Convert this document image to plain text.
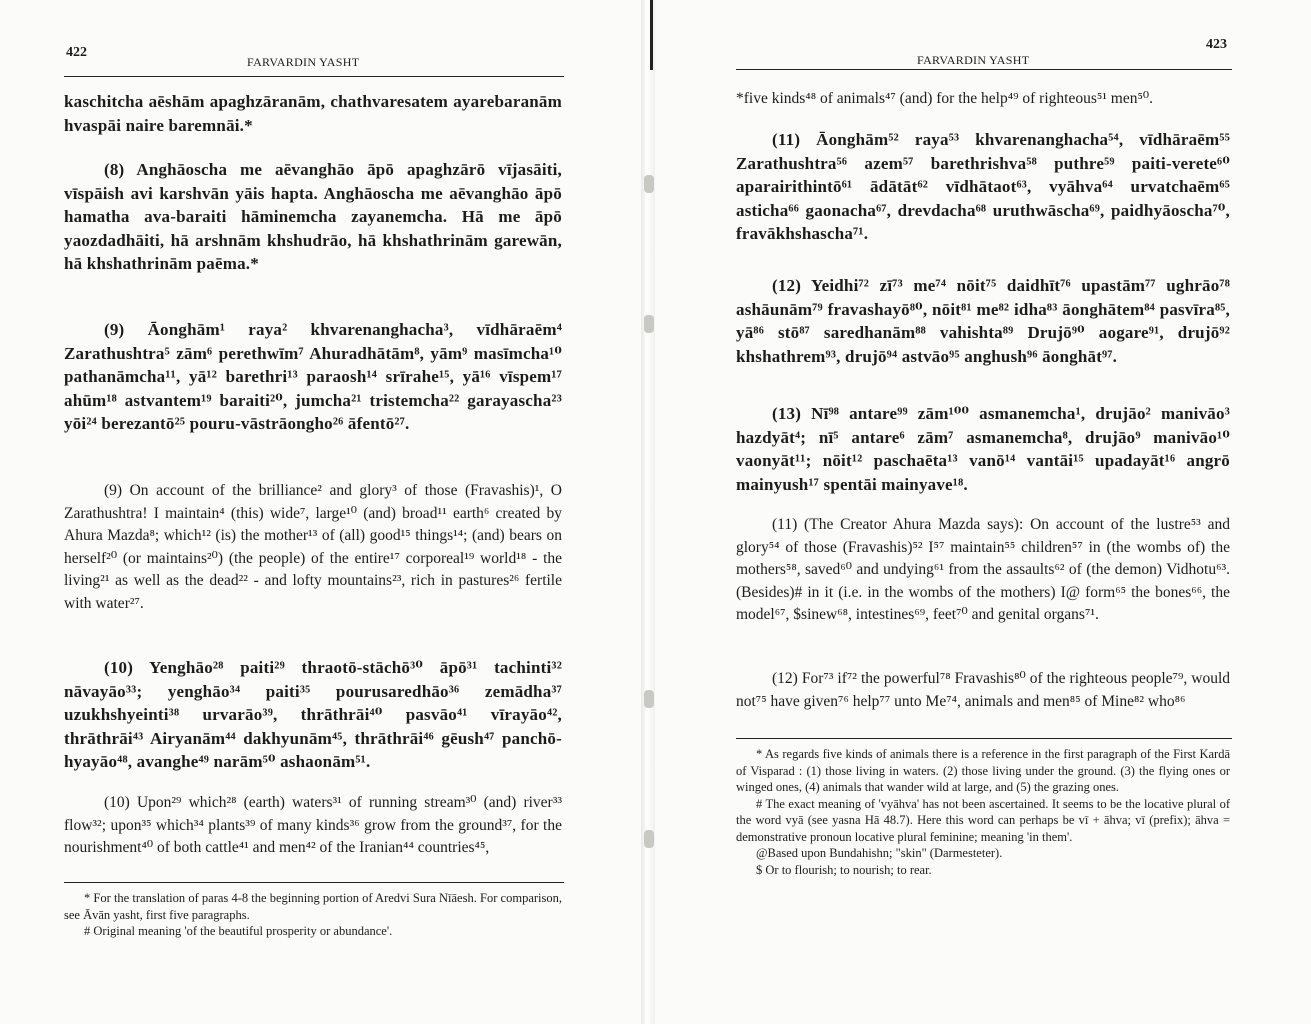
422
FARVARDIN YASHT

kaschitcha aēshām apaghzāranām, chathvaresatem ayarebaranām hvaspāi naire baremnāi.*

(8) Anghāoscha me aēvanghāo āpō apaghzārō vījasāiti, vīspāish avi karshvān yāis hapta. Anghāoscha me aēvanghāo āpō hamatha ava-baraiti hāminemcha zayanemcha. Hā me āpō yaozdadhāiti, hā arshnām khshudrāo, hā khshathrinām garewān, hā khshathrinām paēma.*

(9) Āonghām¹ raya² khvarenanghacha³, vīdhāraēm⁴ Zarathushtra⁵ zām⁶ perethwīm⁷ Ahuradhātām⁸, yām⁹ masīmcha¹⁰ pathanāmcha¹¹, yā¹² barethri¹³ paraosh¹⁴ srīrahe¹⁵, yā¹⁶ vīspem¹⁷ ahūm¹⁸ astvantem¹⁹ baraiti²⁰, jumcha²¹ tristemcha²² garayascha²³ yōi²⁴ berezantō²⁵ pouru-vāstrāongho²⁶ āfentō²⁷.

(9) On account of the brilliance² and glory³ of those (Fravashis)¹, O Zarathushtra! I maintain⁴ (this) wide⁷, large¹⁰ (and) broad¹¹ earth⁶ created by Ahura Mazda⁸; which¹² (is) the mother¹³ of (all) good¹⁵ things¹⁴; (and) bears on herself²⁰ (or maintains²⁰) (the people) of the entire¹⁷ corporeal¹⁹ world¹⁸ - the living²¹ as well as the dead²² - and lofty mountains²³, rich in pastures²⁶ fertile with water²⁷.

(10) Yenghāo²⁸ paiti²⁹ thraotō-stāchō³⁰ āpō³¹ tachinti³² nāvayāo³³; yenghāo³⁴ paiti³⁵ pourusaredhāo³⁶ zemādha³⁷ uzukhshyeinti³⁸ urvarāo³⁹, thrāthrāi⁴⁰ pasvāo⁴¹ vīrayāo⁴², thrāthrāi⁴³ Airyanām⁴⁴ dakhyunām⁴⁵, thrāthrāi⁴⁶ gēush⁴⁷ panchō-hyayāo⁴⁸, avanghe⁴⁹ narām⁵⁰ ashaonām⁵¹.

(10) Upon²⁹ which²⁸ (earth) waters³¹ of running stream³⁰ (and) river³³ flow³²; upon³⁵ which³⁴ plants³⁹ of many kinds³⁶ grow from the ground³⁷, for the nourishment⁴⁰ of both cattle⁴¹ and men⁴² of the Iranian⁴⁴ countries⁴⁵,

* For the translation of paras 4-8 the beginning portion of Aredvi Sura Nīāesh. For comparison, see Āvān yasht, first five paragraphs.

# Original meaning 'of the beautiful prosperity or abundance'.

423
FARVARDIN YASHT

*five kinds⁴⁸ of animals⁴⁷ (and) for the help⁴⁹ of righteous⁵¹ men⁵⁰.

(11) Āonghām⁵² raya⁵³ khvarenanghacha⁵⁴, vīdhāraēm⁵⁵ Zarathushtra⁵⁶ azem⁵⁷ barethrishva⁵⁸ puthre⁵⁹ paiti-verete⁶⁰ aparairithintō⁶¹ ādātāt⁶² vīdhātaot⁶³, vyāhva⁶⁴ urvatchaēm⁶⁵ asticha⁶⁶ gaonacha⁶⁷, drevdacha⁶⁸ uruthwāscha⁶⁹, paidhyāoscha⁷⁰, fravākhshascha⁷¹.

(12) Yeidhi⁷² zī⁷³ me⁷⁴ nōit⁷⁵ daidhīt⁷⁶ upastām⁷⁷ ughrāo⁷⁸ ashāunām⁷⁹ fravashayō⁸⁰, nōit⁸¹ me⁸² idha⁸³ āonghātem⁸⁴ pasvīra⁸⁵, yā⁸⁶ stō⁸⁷ saredhanām⁸⁸ vahishta⁸⁹ Drujō⁹⁰ aogare⁹¹, drujō⁹² khshathrem⁹³, drujō⁹⁴ astvāo⁹⁵ anghush⁹⁶ āonghāt⁹⁷.

(13) Nī⁹⁸ antare⁹⁹ zām¹⁰⁰ asmanemcha¹, drujāo² manivāo³ hazdyāt⁴; nī⁵ antare⁶ zām⁷ asmanemcha⁸, drujāo⁹ manivāo¹⁰ vaonyāt¹¹; nōit¹² paschaēta¹³ vanō¹⁴ vantāi¹⁵ upadayāt¹⁶ angrō mainyush¹⁷ spentāi mainyave¹⁸.

(11) (The Creator Ahura Mazda says): On account of the lustre⁵³ and glory⁵⁴ of those (Fravashis)⁵² I⁵⁷ maintain⁵⁵ children⁵⁷ in (the wombs of) the mothers⁵⁸, saved⁶⁰ and undying⁶¹ from the assaults⁶² of (the demon) Vidhotu⁶³. (Besides)# in it (i.e. in the wombs of the mothers) I@ form⁶⁵ the bones⁶⁶, the model⁶⁷, $sinew⁶⁸, intestines⁶⁹, feet⁷⁰ and genital organs⁷¹.

(12) For⁷³ if⁷² the powerful⁷⁸ Fravashis⁸⁰ of the righteous people⁷⁹, would not⁷⁵ have given⁷⁶ help⁷⁷ unto Me⁷⁴, animals and men⁸⁵ of Mine⁸² who⁸⁶

* As regards five kinds of animals there is a reference in the first paragraph of the First Kardā of Visparad : (1) those living in waters. (2) those living under the ground. (3) the flying ones or winged ones, (4) animals that wander wild at large, and (5) the grazing ones.

# The exact meaning of 'vyāhva' has not been ascertained. It seems to be the locative plural of the word vyā (see yasna Hā 48.7). Here this word can perhaps be vī + āhva; vī (prefix); āhva = demonstrative pronoun locative plural feminine; meaning 'in them'.

@Based upon Bundahishn; "skin" (Darmesteter).

$ Or to flourish; to nourish; to rear.
